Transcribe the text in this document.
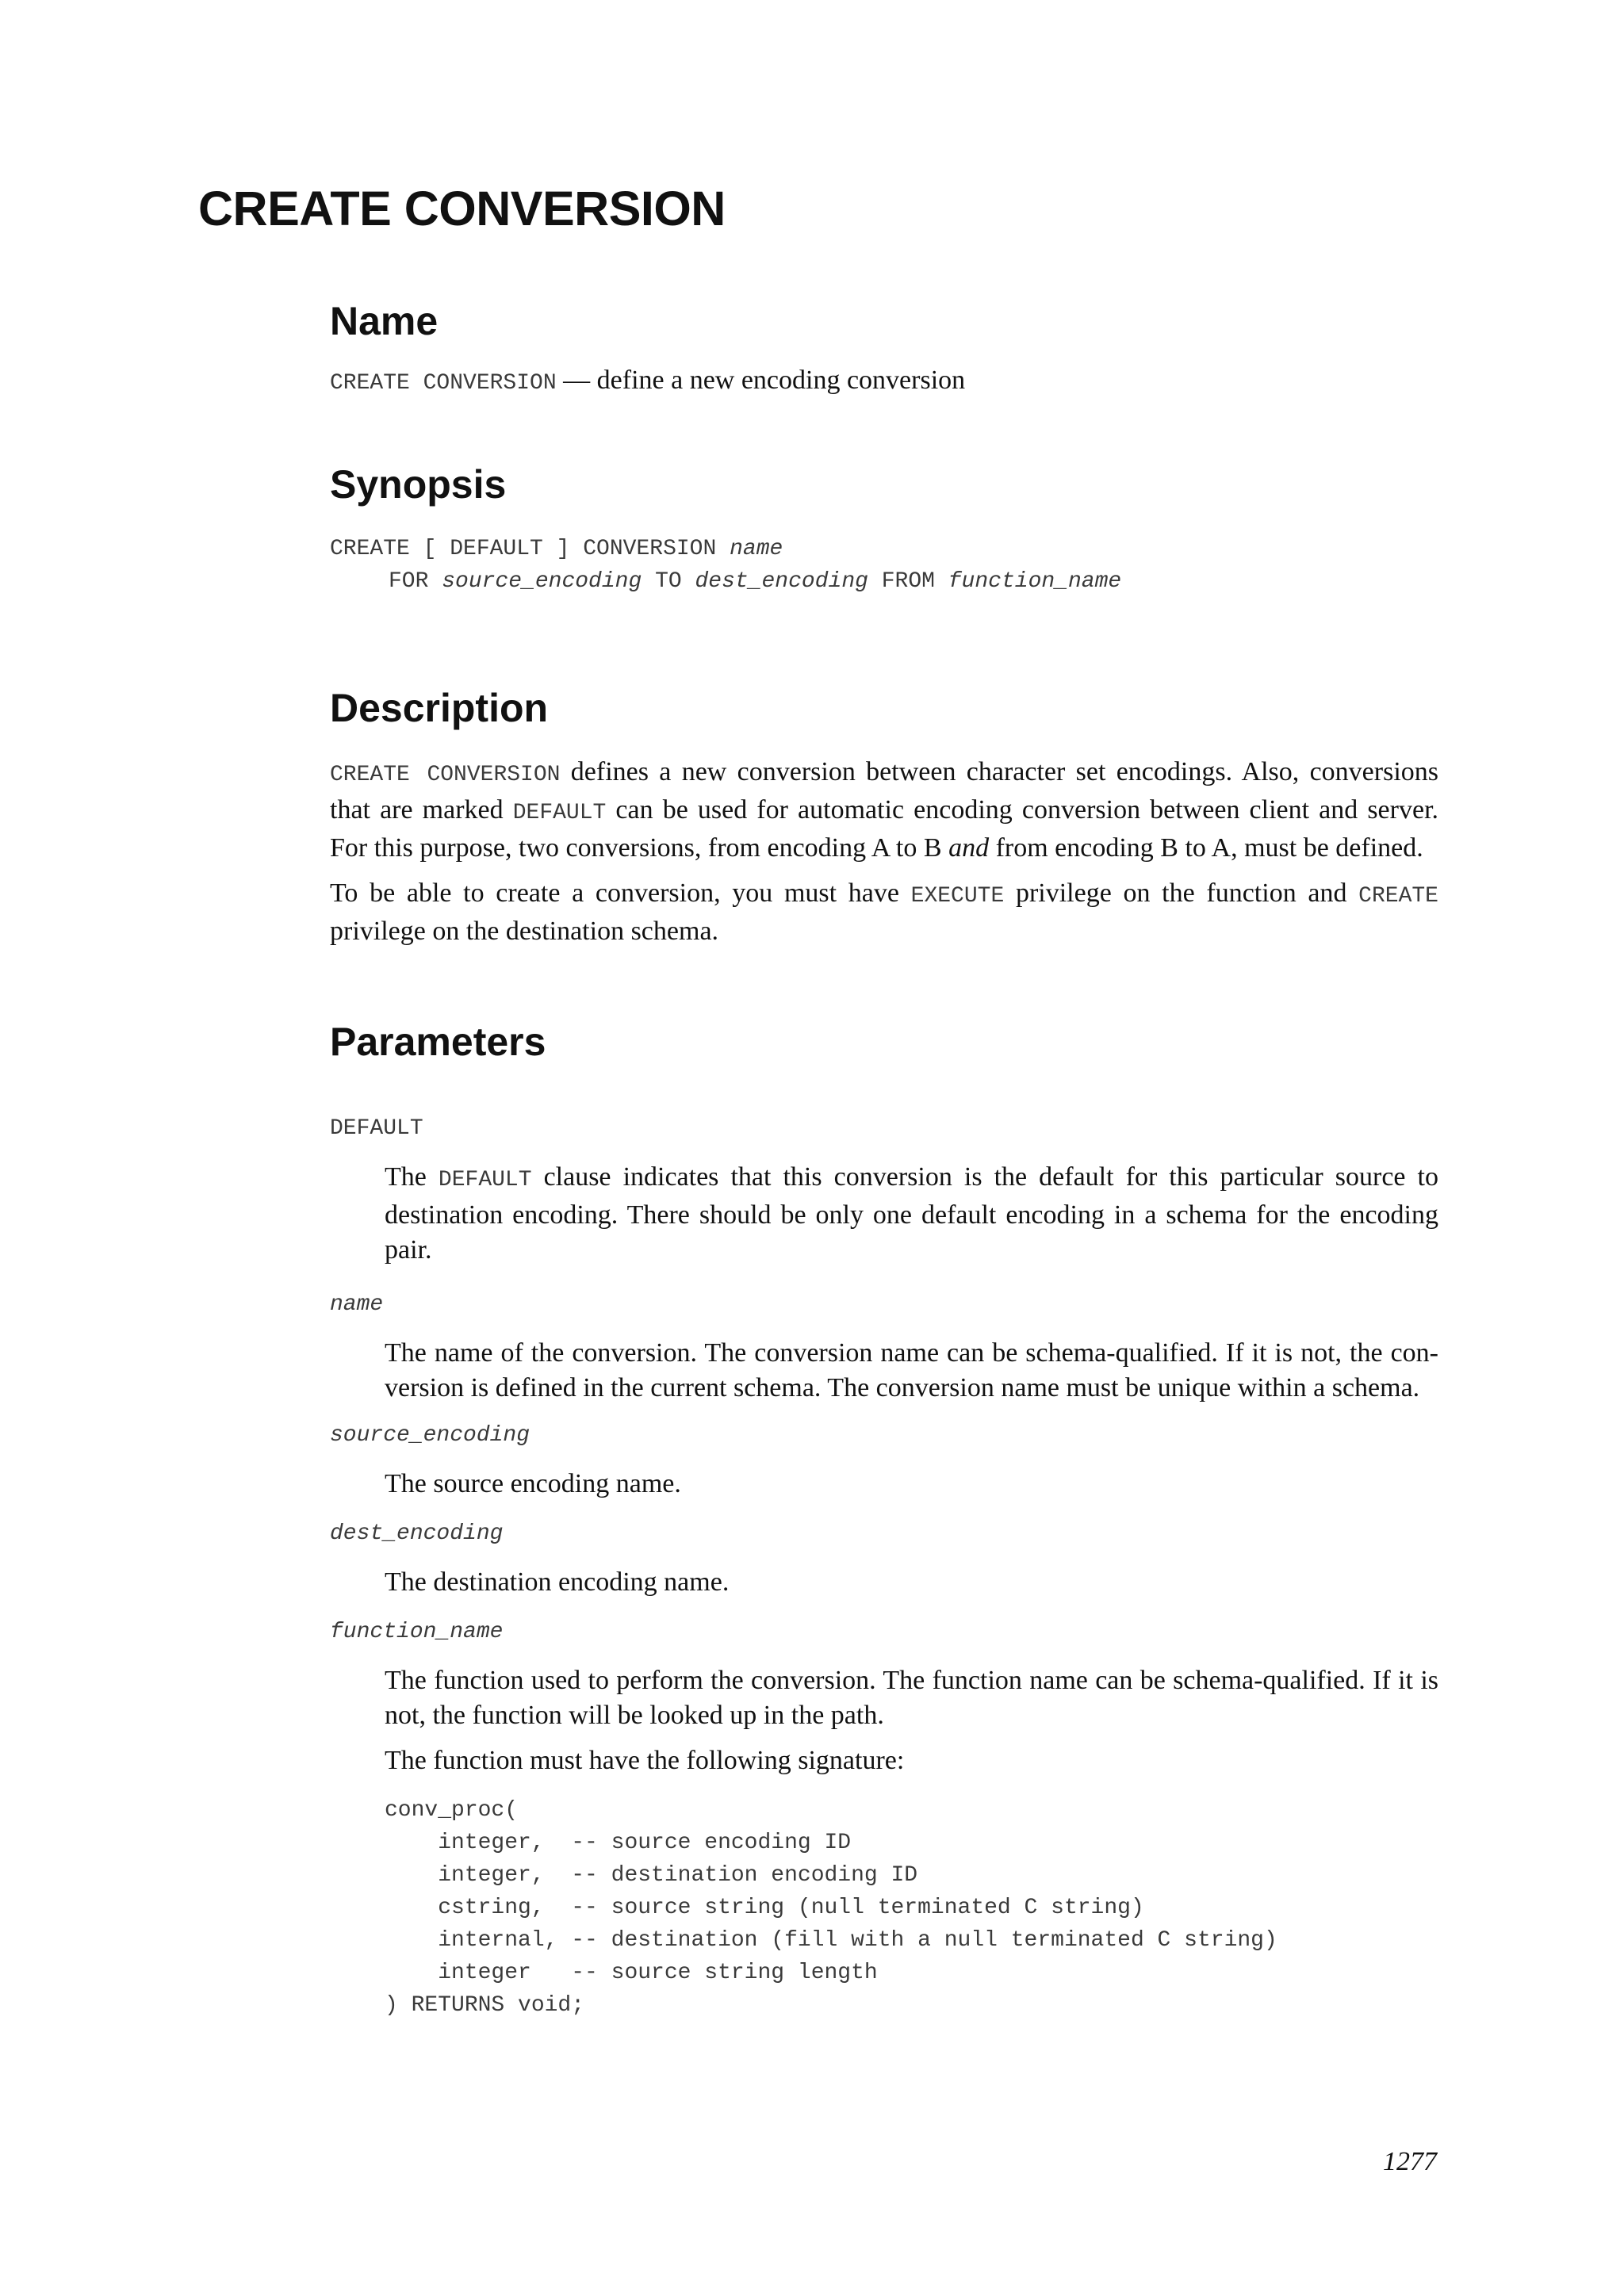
CREATE CONVERSION
Name

CREATE CONVERSION — define a new encoding conversion

Synopsis
CREATE [ DEFAULT ] CONVERSION name
FOR source_encoding TO dest_encoding FROM function_name
Description

CREATE CONVERSION defines a new conversion between character set encodings. Also, conversions that are marked DEFAULT can be used for automatic encoding conversion between client and server. For this purpose, two conversions, from encoding A to B and from encoding B to A, must be defined.

To be able to create a conversion, you must have EXECUTE privilege on the function and CREATE privilege on the destination schema.

Parameters
DEFAULT

The DEFAULT clause indicates that this conversion is the default for this particular source to destination encoding. There should be only one default encoding in a schema for the encoding pair.

name

The name of the conversion. The conversion name can be schema-qualified. If it is not, the con-version is defined in the current schema. The conversion name must be unique within a schema.

source_encoding

The source encoding name.

dest_encoding

The destination encoding name.

function_name

The function used to perform the conversion. The function name can be schema-qualified. If it is not, the function will be looked up in the path.

The function must have the following signature:

conv_proc(
integer,  -- source encoding ID
integer,  -- destination encoding ID
cstring,  -- source string (null terminated C string)
internal, -- destination (fill with a null terminated C string)
integer   -- source string length
) RETURNS void;

1277
